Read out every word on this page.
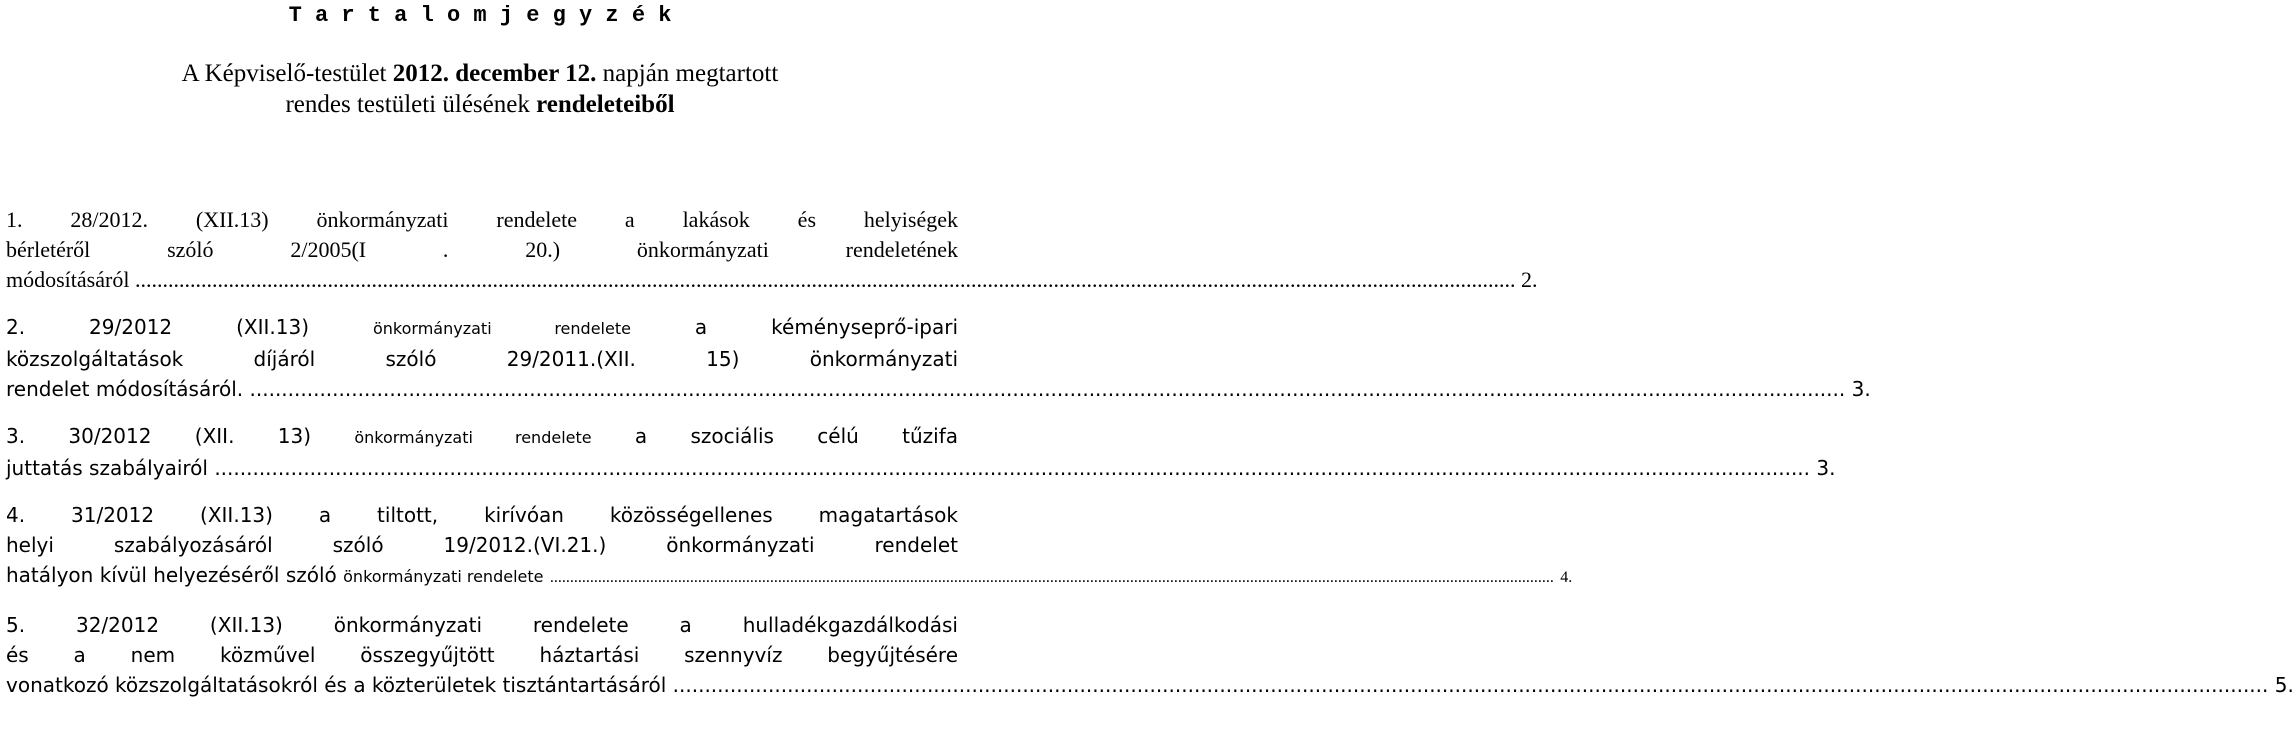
T a r t a l o m j e g y z é k
A Képviselő-testület 2012. december 12. napján megtartott
rendes testületi ülésének rendeleteiből
1. 28/2012. (XII.13) önkormányzati rendelete a lakások és helyiségek
bérletéről szóló 2/2005(I . 20.) önkormányzati rendeletének
módosításáról .....	2.
2. 29/2012 (XII.13) önkormányzati rendelete a kéményseprő-ipari
közszolgáltatások díjáról szóló 29/2011.(XII. 15) önkormányzati
rendelet módosításáról. .....	3.
3. 30/2012 (XII. 13) önkormányzati rendelete a szociális célú tűzifa
juttatás szabályairól .....	3.
4. 31/2012 (XII.13) a tiltott, kirívóan közösségellenes magatartások
helyi szabályozásáról szóló 19/2012.(VI.21.) önkormányzati rendelet
hatályon kívül helyezéséről szóló önkormányzati rendelete .....	4.
5. 32/2012 (XII.13) önkormányzati rendelete a hulladékgazdálkodási
és a nem közművel összegyűjtött háztartási szennyvíz begyűjtésére
vonatkozó közszolgáltatásokról és a közterületek tisztántartásáról .....	5.
